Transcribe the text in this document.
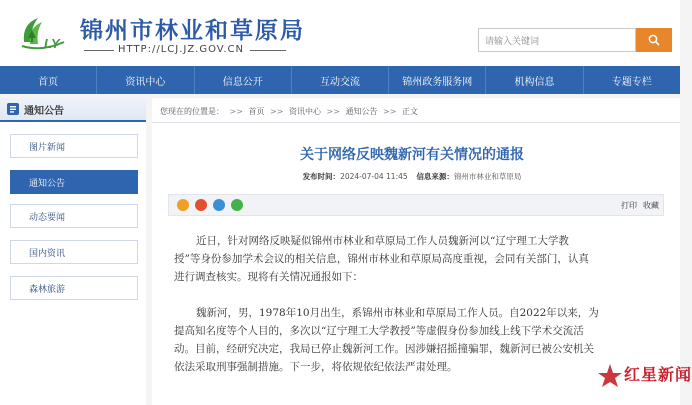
LY 锦州市林业和草原局
HTTP://LCJ.JZ.GOV.CN
请输入关键词
首页	资讯中心	信息公开	互动交流	锦州政务服务网	机构信息	专题专栏
通知公告
图片新闻
通知公告
动态要闻
国内资讯
森林旅游
您现在的位置是： >> 首页 >> 资讯中心 >> 通知公告 >> 正文
关于网络反映魏新河有关情况的通报
发布时间：2024-07-04 11:45 信息来源：锦州市林业和草原局
打印 收藏
近日，针对网络反映疑似锦州市林业和草原局工作人员魏新河以“辽宁理工大学教
授”等身份参加学术会议的相关信息，锦州市林业和草原局高度重视，会同有关部门，认真
进行调查核实。现将有关情况通报如下：
魏新河，男，1978年10月出生，系锦州市林业和草原局工作人员。自2022年以来，为
提高知名度等个人目的，多次以“辽宁理工大学教授”等虚假身份参加线上线下学术交流活
动。目前，经研究决定，我局已停止魏新河工作。因涉嫌招摇撞骗罪，魏新河已被公安机关
依法采取刑事强制措施。下一步，将依规依纪依法严肃处理。	红星新闻
